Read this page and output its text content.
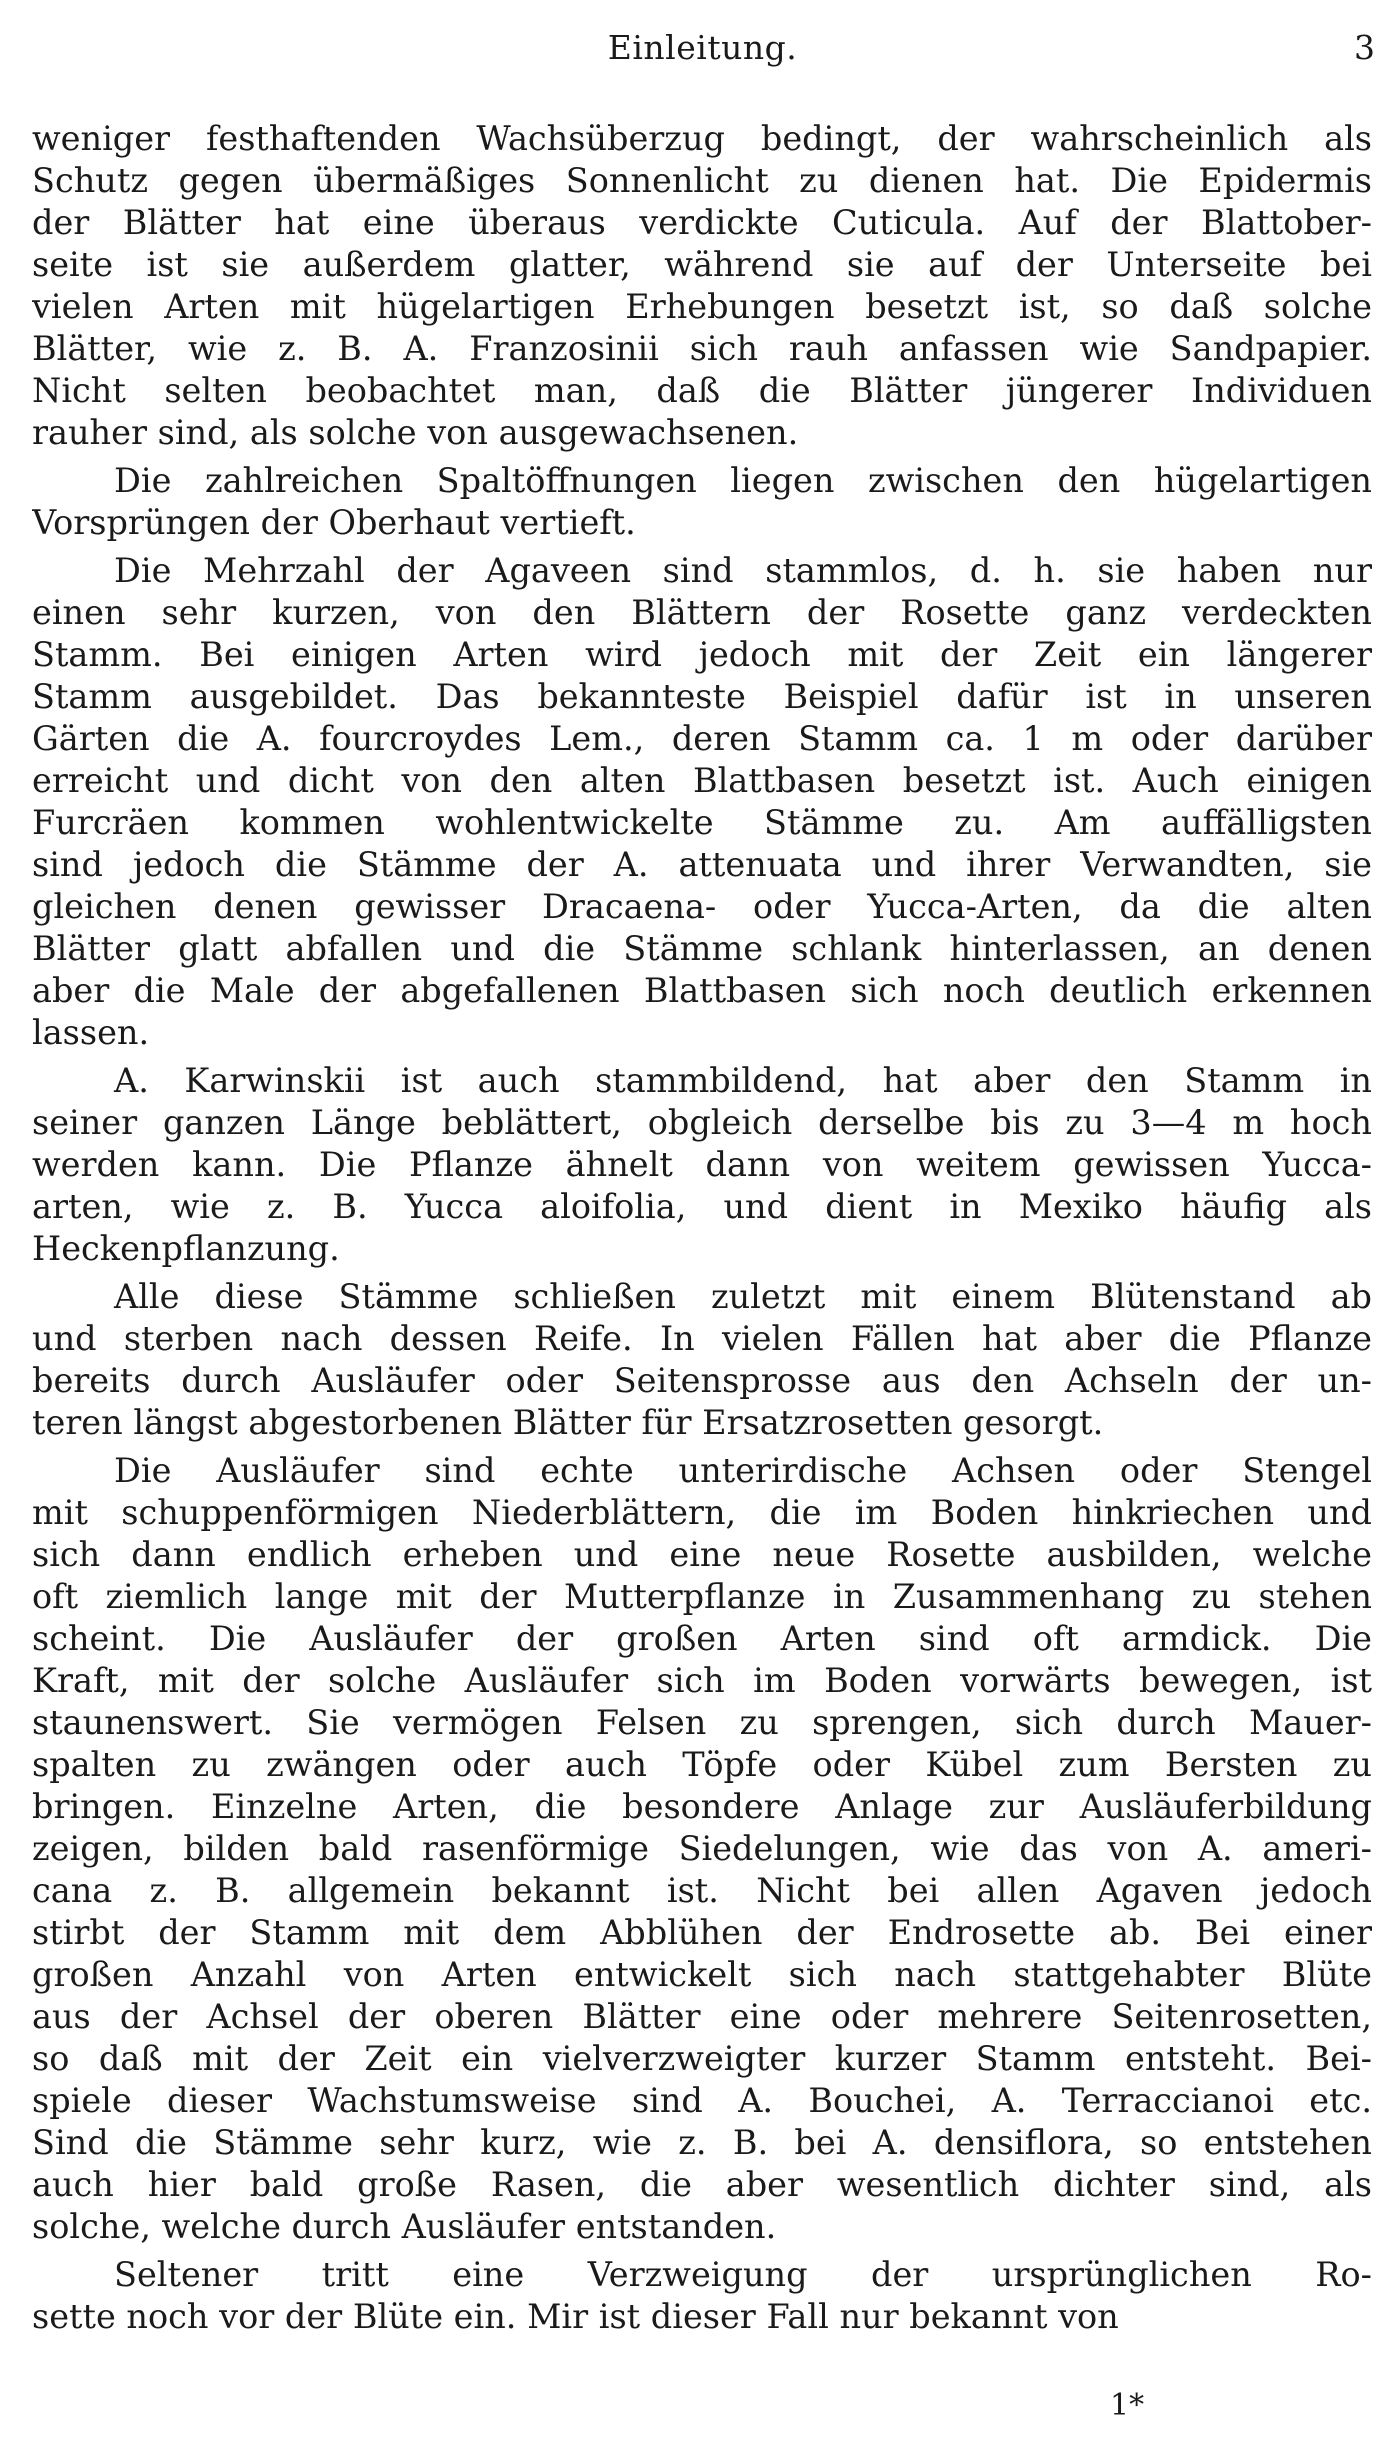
Einleitung.	3
weniger festhaftenden Wachsüberzug bedingt, der wahrscheinlich als
Schutz gegen übermäßiges Sonnenlicht zu dienen hat. Die Epidermis
der Blätter hat eine überaus verdickte Cuticula. Auf der Blattober-
seite ist sie außerdem glatter, während sie auf der Unterseite bei
vielen Arten mit hügelartigen Erhebungen besetzt ist, so daß solche
Blätter, wie z. B. A. Franzosinii sich rauh anfassen wie Sandpapier.
Nicht selten beobachtet man, daß die Blätter jüngerer Individuen
rauher sind, als solche von ausgewachsenen.
Die zahlreichen Spaltöffnungen liegen zwischen den hügelartigen
Vorsprüngen der Oberhaut vertieft.
Die Mehrzahl der Agaveen sind stammlos, d. h. sie haben nur
einen sehr kurzen, von den Blättern der Rosette ganz verdeckten
Stamm. Bei einigen Arten wird jedoch mit der Zeit ein längerer
Stamm ausgebildet. Das bekannteste Beispiel dafür ist in unseren
Gärten die A. fourcroydes Lem., deren Stamm ca. 1 m oder darüber
erreicht und dicht von den alten Blattbasen besetzt ist. Auch einigen
Furcräen kommen wohlentwickelte Stämme zu. Am auffälligsten
sind jedoch die Stämme der A. attenuata und ihrer Verwandten, sie
gleichen denen gewisser Dracaena- oder Yucca-Arten, da die alten
Blätter glatt abfallen und die Stämme schlank hinterlassen, an denen
aber die Male der abgefallenen Blattbasen sich noch deutlich erkennen
lassen.
A. Karwinskii ist auch stammbildend, hat aber den Stamm in
seiner ganzen Länge beblättert, obgleich derselbe bis zu 3—4 m hoch
werden kann. Die Pflanze ähnelt dann von weitem gewissen Yucca-
arten, wie z. B. Yucca aloifolia, und dient in Mexiko häufig als
Heckenpflanzung.
Alle diese Stämme schließen zuletzt mit einem Blütenstand ab
und sterben nach dessen Reife. In vielen Fällen hat aber die Pflanze
bereits durch Ausläufer oder Seitensprosse aus den Achseln der un-
teren längst abgestorbenen Blätter für Ersatzrosetten gesorgt.
Die Ausläufer sind echte unterirdische Achsen oder Stengel
mit schuppenförmigen Niederblättern, die im Boden hinkriechen und
sich dann endlich erheben und eine neue Rosette ausbilden, welche
oft ziemlich lange mit der Mutterpflanze in Zusammenhang zu stehen
scheint. Die Ausläufer der großen Arten sind oft armdick. Die
Kraft, mit der solche Ausläufer sich im Boden vorwärts bewegen, ist
staunenswert. Sie vermögen Felsen zu sprengen, sich durch Mauer-
spalten zu zwängen oder auch Töpfe oder Kübel zum Bersten zu
bringen. Einzelne Arten, die besondere Anlage zur Ausläuferbildung
zeigen, bilden bald rasenförmige Siedelungen, wie das von A. ameri-
cana z. B. allgemein bekannt ist. Nicht bei allen Agaven jedoch
stirbt der Stamm mit dem Abblühen der Endrosette ab. Bei einer
großen Anzahl von Arten entwickelt sich nach stattgehabter Blüte
aus der Achsel der oberen Blätter eine oder mehrere Seitenrosetten,
so daß mit der Zeit ein vielverzweigter kurzer Stamm entsteht. Bei-
spiele dieser Wachstumsweise sind A. Bouchei, A. Terraccianoi etc.
Sind die Stämme sehr kurz, wie z. B. bei A. densiflora, so entstehen
auch hier bald große Rasen, die aber wesentlich dichter sind, als
solche, welche durch Ausläufer entstanden.
Seltener tritt eine Verzweigung der ursprünglichen Ro-
sette noch vor der Blüte ein. Mir ist dieser Fall nur bekannt von
1*
